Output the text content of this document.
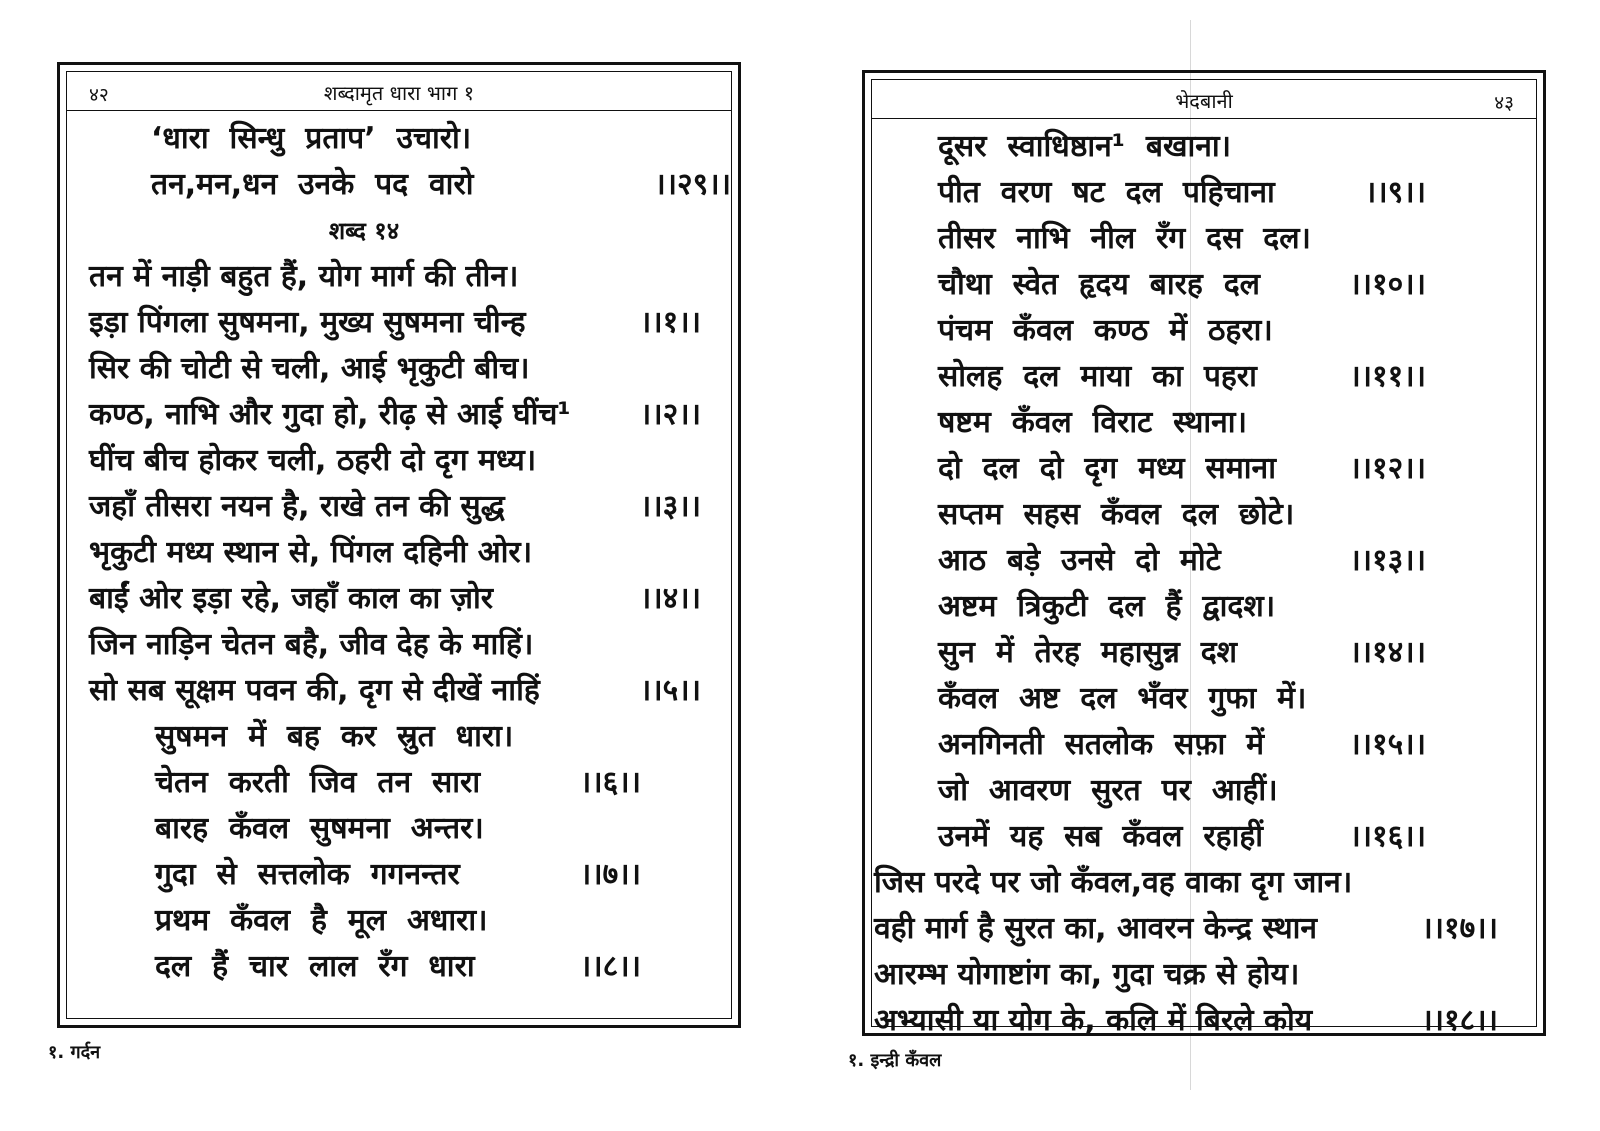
४२	शब्दामृत धारा भाग १
‘धारा  सिन्धु  प्रताप’  उचारो।
तन,मन,धन  उनके  पद  वारो	।।२९।।
शब्द १४
तन में नाड़ी बहुत हैं, योग मार्ग की तीन।
इड़ा पिंगला सुषमना, मुख्य सुषमना चीन्ह	।।१।।
सिर की चोटी से चली, आई भृकुटी बीच।
कण्ठ, नाभि और गुदा हो, रीढ़ से आई घींच¹ ।।२।।
घींच बीच होकर चली, ठहरी दो दृग मध्य।
जहाँ तीसरा नयन है, राखे तन की सुद्ध	।।३।।
भृकुटी मध्य स्थान से, पिंगल दहिनी ओर।
बाईं ओर इड़ा रहे, जहाँ काल का ज़ोर	।।४।।
जिन नाड़िन चेतन बहै, जीव देह के माहिं।
सो सब सूक्षम पवन की, दृग से दीखें नाहिं	।।५।।
सुषमन  में  बह  कर  स्रुत  धारा।
चेतन  करती  जिव  तन  सारा	।।६।।
बारह  कँवल  सुषमना  अन्तर।
गुदा  से  सत्तलोक  गगनन्तर	।।७।।
प्रथम  कँवल  है  मूल  अधारा।
दल  हैं  चार  लाल  रँग  धारा	।।८।।
भेदबानी	४३
दूसर  स्वाधिष्ठान¹  बखाना।
पीत  वरण  षट  दल  पहिचाना	।।९।।
तीसर  नाभि  नील  रँग  दस  दल।
चौथा  स्वेत  हृदय  बारह  दल	।।१०।।
पंचम  कँवल  कण्ठ  में  ठहरा।
सोलह  दल  माया  का  पहरा	।।११।।
षष्टम  कँवल  विराट  स्थाना।
दो  दल  दो  दृग  मध्य  समाना ।।१२।।
सप्तम  सहस  कँवल  दल  छोटे।
आठ  बड़े  उनसे  दो  मोटे	।।१३।।
अष्टम  त्रिकुटी  दल  हैं  द्वादश।
सुन  में  तेरह  महासुन्न  दश	।।१४।।
कँवल  अष्ट  दल  भँवर  गुफा  में।
अनगिनती  सतलोक  सफ़ा  में	।।१५।।
जो  आवरण  सुरत  पर  आहीं।
उनमें  यह  सब  कँवल  रहाहीं	।।१६।।
जिस परदे पर जो कँवल,वह वाका दृग जान।
वही मार्ग है सुरत का, आवरन केन्द्र स्थान	।।१७।।
आरम्भ योगाष्टांग का, गुदा चक्र से होय।
अभ्यासी या योग के, कलि में बिरले कोय	।।१८।।
१. गर्दन	१. इन्द्री कँवल
